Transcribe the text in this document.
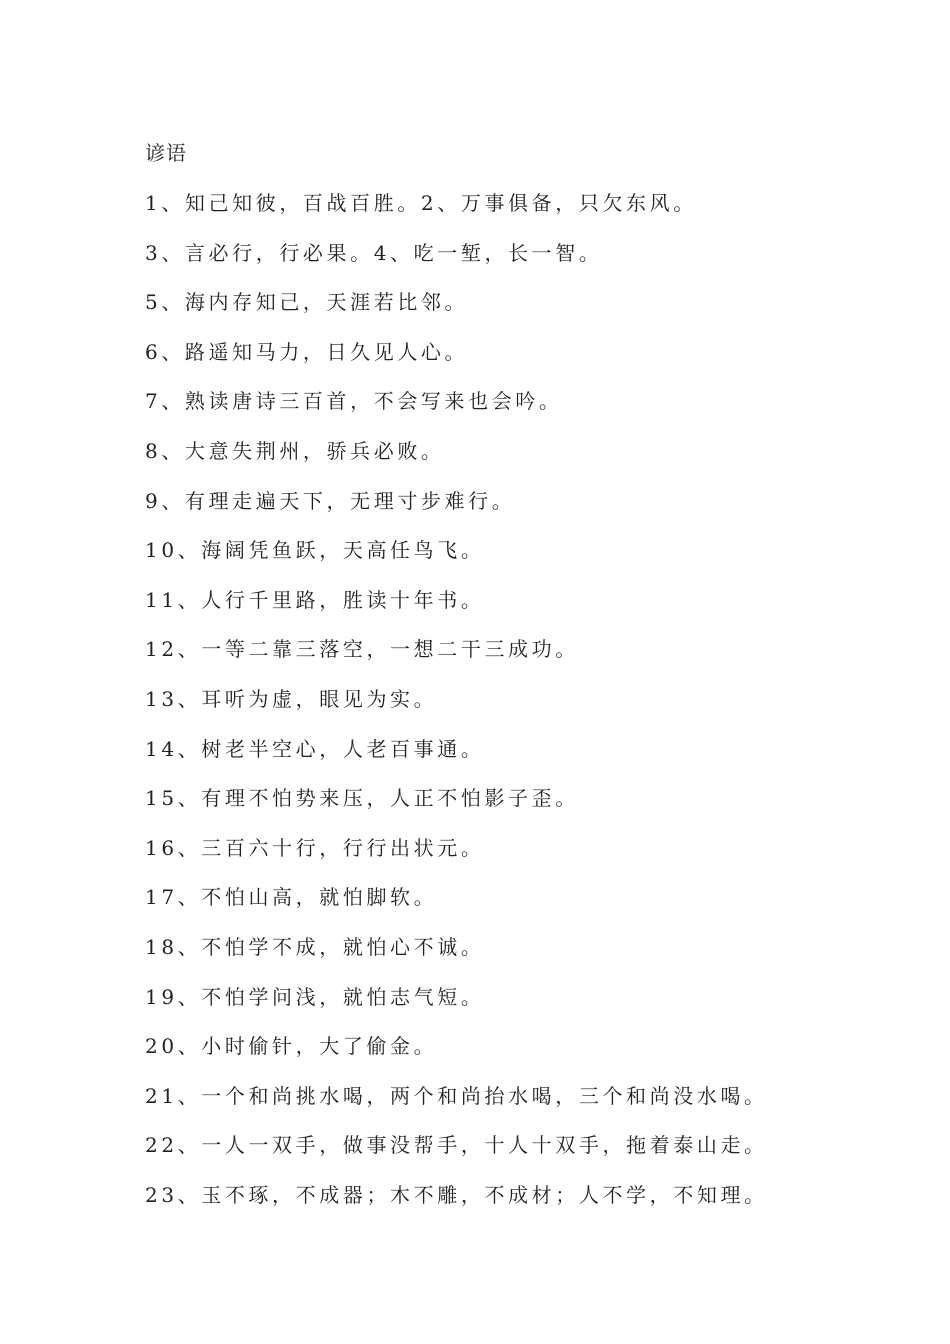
谚语
1、知己知彼，百战百胜。2、万事俱备，只欠东风。
3、言必行，行必果。4、吃一堑，长一智。
5、海内存知己，天涯若比邻。
6、路遥知马力，日久见人心。
7、熟读唐诗三百首，不会写来也会吟。
8、大意失荆州，骄兵必败。
9、有理走遍天下，无理寸步难行。
10、海阔凭鱼跃，天高任鸟飞。
11、人行千里路，胜读十年书。
12、一等二靠三落空，一想二干三成功。
13、耳听为虚，眼见为实。
14、树老半空心，人老百事通。
15、有理不怕势来压，人正不怕影子歪。
16、三百六十行，行行出状元。
17、不怕山高，就怕脚软。
18、不怕学不成，就怕心不诚。
19、不怕学问浅，就怕志气短。
20、小时偷针，大了偷金。
21、一个和尚挑水喝，两个和尚抬水喝，三个和尚没水喝。
22、一人一双手，做事没帮手，十人十双手，拖着泰山走。
23、玉不琢，不成器；木不雕，不成材；人不学，不知理。
